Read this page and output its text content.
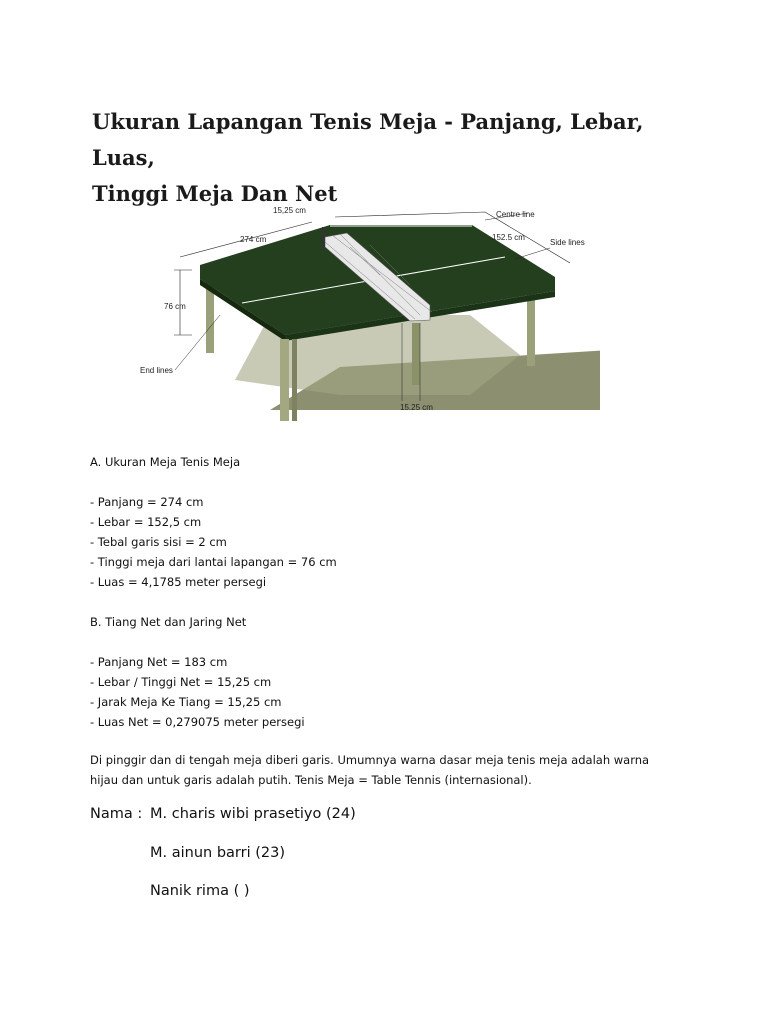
Ukuran Lapangan Tenis Meja - Panjang, Lebar, Luas,
Tinggi Meja Dan Net
15,25 cm
274 cm
Centre line
152.5 cm
Side lines
76 cm
End lines
15.25 cm
A. Ukuran Meja Tenis Meja
- Panjang = 274 cm
- Lebar = 152,5 cm
- Tebal garis sisi = 2 cm
- Tinggi meja dari lantai lapangan = 76 cm
- Luas = 4,1785 meter persegi
B. Tiang Net dan Jaring Net
- Panjang Net = 183 cm
- Lebar / Tinggi Net = 15,25 cm
- Jarak Meja Ke Tiang = 15,25 cm
- Luas Net = 0,279075 meter persegi

Di pinggir dan di tengah meja diberi garis. Umumnya warna dasar meja tenis meja adalah warna hijau dan untuk garis adalah putih. Tenis Meja = Table Tennis (internasional).

Nama : M. charis wibi prasetiyo (24)
M. ainun barri (23)
Nanik rima ( )
